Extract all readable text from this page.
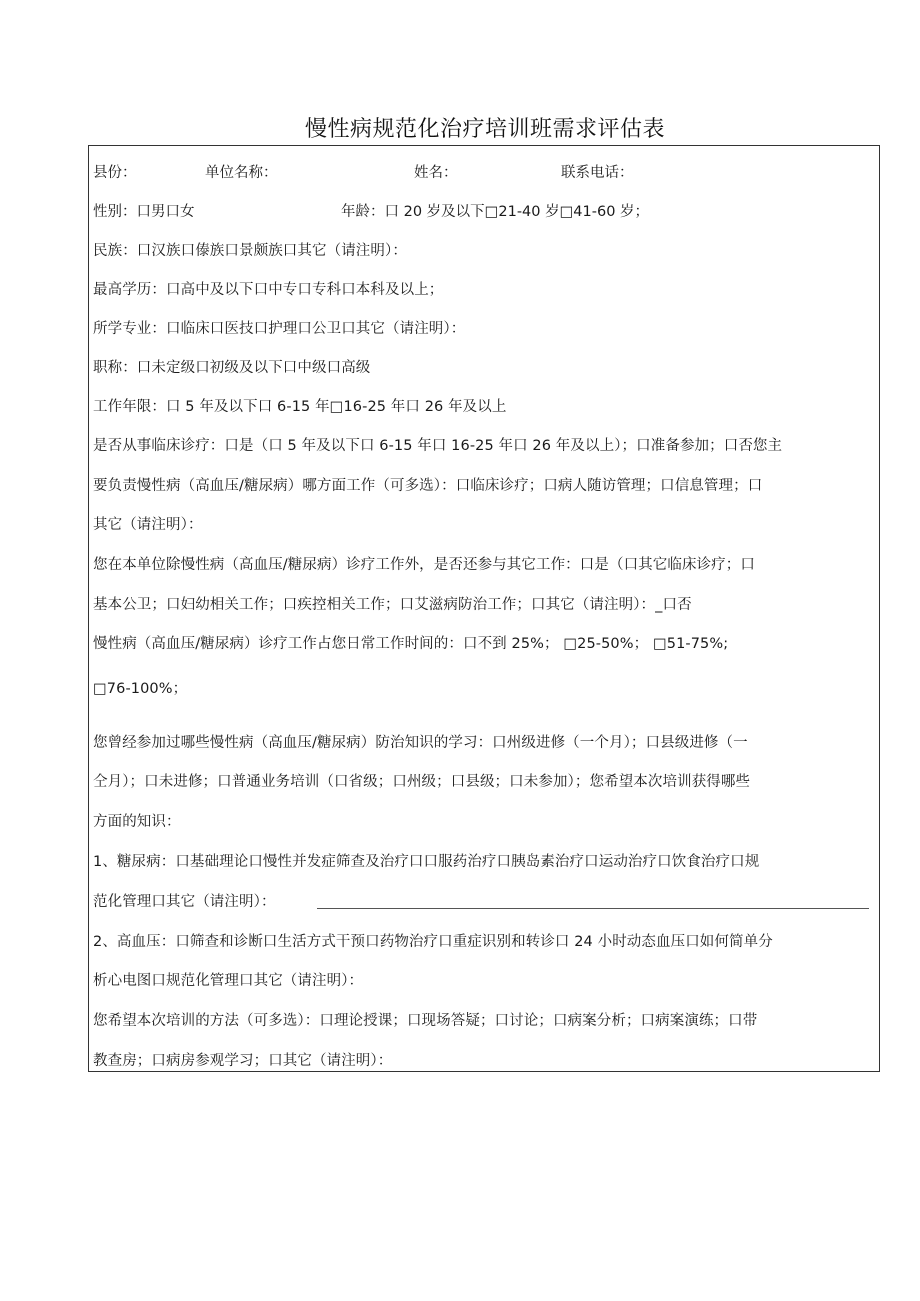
慢性病规范化治疗培训班需求评估表
县份：	单位名称：	姓名：	联系电话：
性别：口男口女	年龄：口 20 岁及以下□21-40 岁□41-60 岁；
民族：口汉族口傣族口景颇族口其它（请注明）：
最高学历：口高中及以下口中专口专科口本科及以上；
所学专业：口临床口医技口护理口公卫口其它（请注明）：
职称：口未定级口初级及以下口中级口高级
工作年限：口 5 年及以下口 6-15 年□16-25 年口 26 年及以上
是否从事临床诊疗：口是（口 5 年及以下口 6-15 年口 16-25 年口 26 年及以上）；口准备参加；口否您主
要负责慢性病（高血压/糖尿病）哪方面工作（可多选）：口临床诊疗；口病人随访管理；口信息管理；口
其它（请注明）：
您在本单位除慢性病（高血压/糖尿病）诊疗工作外，是否还参与其它工作：口是（口其它临床诊疗；口
基本公卫；口妇幼相关工作；口疾控相关工作；口艾滋病防治工作；口其它（请注明）：_口否
慢性病（高血压/糖尿病）诊疗工作占您日常工作时间的：口不到 25%； □25-50%； □51-75%;
□76-100%；
您曾经参加过哪些慢性病（高血压/糖尿病）防治知识的学习：口州级进修（一个月）；口县级进修（一
仝月）；口未进修；口普通业务培训（口省级；口州级；口县级；口未参加）；您希望本次培训获得哪些
方面的知识：
1、糖尿病：口基础理论口慢性并发症筛查及治疗口口服药治疗口胰岛素治疗口运动治疗口饮食治疗口规
范化管理口其它（请注明）：
2、高血压：口筛查和诊断口生活方式干预口药物治疗口重症识别和转诊口 24 小时动态血压口如何简单分
析心电图口规范化管理口其它（请注明）：
您希望本次培训的方法（可多选）：口理论授课；口现场答疑；口讨论；口病案分析；口病案演练；口带
教查房；口病房参观学习；口其它（请注明）：
